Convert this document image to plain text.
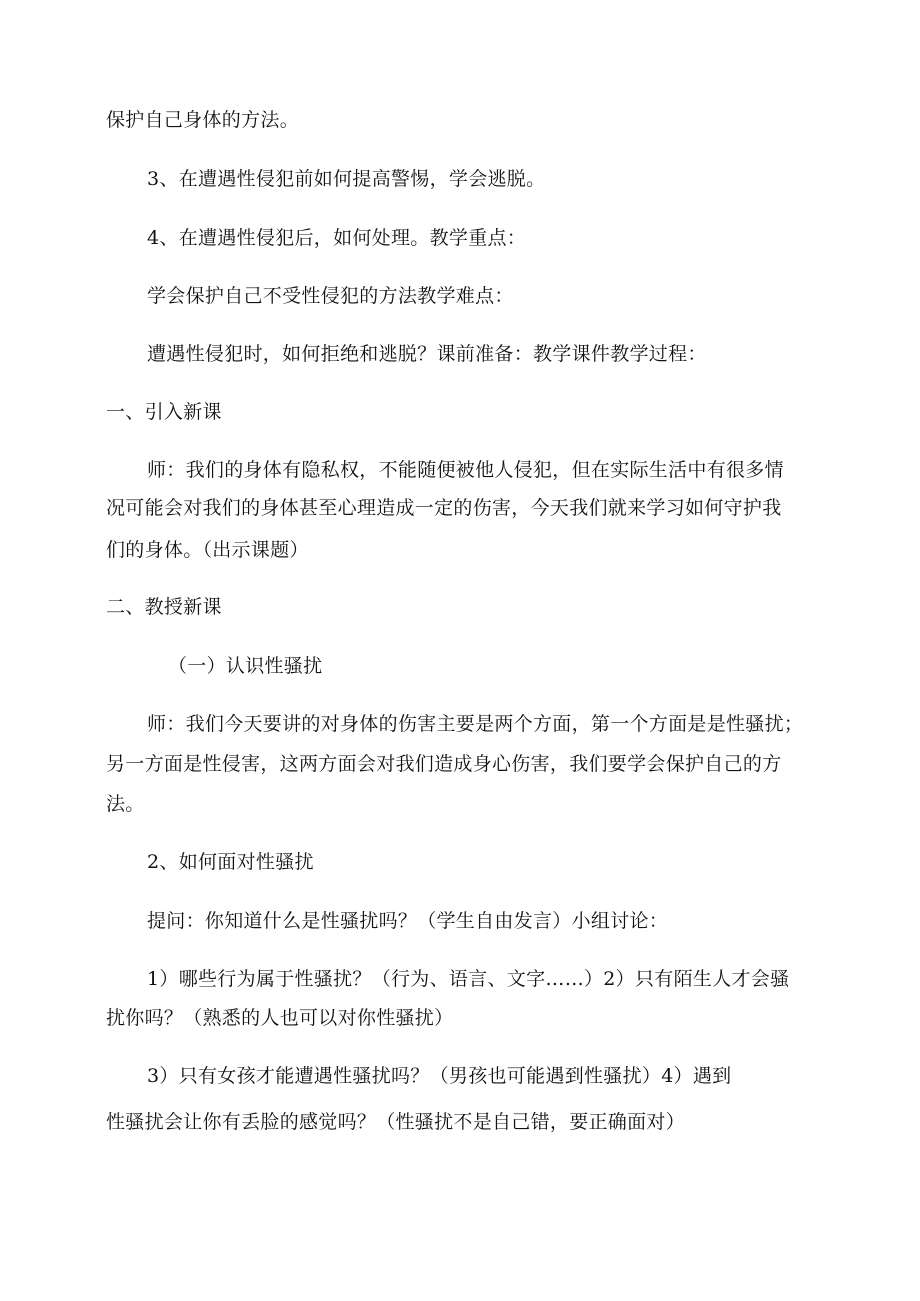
保护自己身体的方法。
3、在遭遇性侵犯前如何提高警惕，学会逃脱。
4、在遭遇性侵犯后，如何处理。教学重点：
学会保护自己不受性侵犯的方法教学难点：
遭遇性侵犯时，如何拒绝和逃脱？课前准备：教学课件教学过程：
一、引入新课
师：我们的身体有隐私权，不能随便被他人侵犯，但在实际生活中有很多情
况可能会对我们的身体甚至心理造成一定的伤害，今天我们就来学习如何守护我
们的身体。（出示课题）
二、教授新课
（一）认识性骚扰
师：我们今天要讲的对身体的伤害主要是两个方面，第一个方面是是性骚扰；
另一方面是性侵害，这两方面会对我们造成身心伤害，我们要学会保护自己的方
法。
2、如何面对性骚扰
提问：你知道什么是性骚扰吗？（学生自由发言）小组讨论：
1）哪些行为属于性骚扰？（行为、语言、文字……）2）只有陌生人才会骚
扰你吗？（熟悉的人也可以对你性骚扰）
3）只有女孩才能遭遇性骚扰吗？（男孩也可能遇到性骚扰）4）遇到
性骚扰会让你有丢脸的感觉吗？（性骚扰不是自己错，要正确面对）
